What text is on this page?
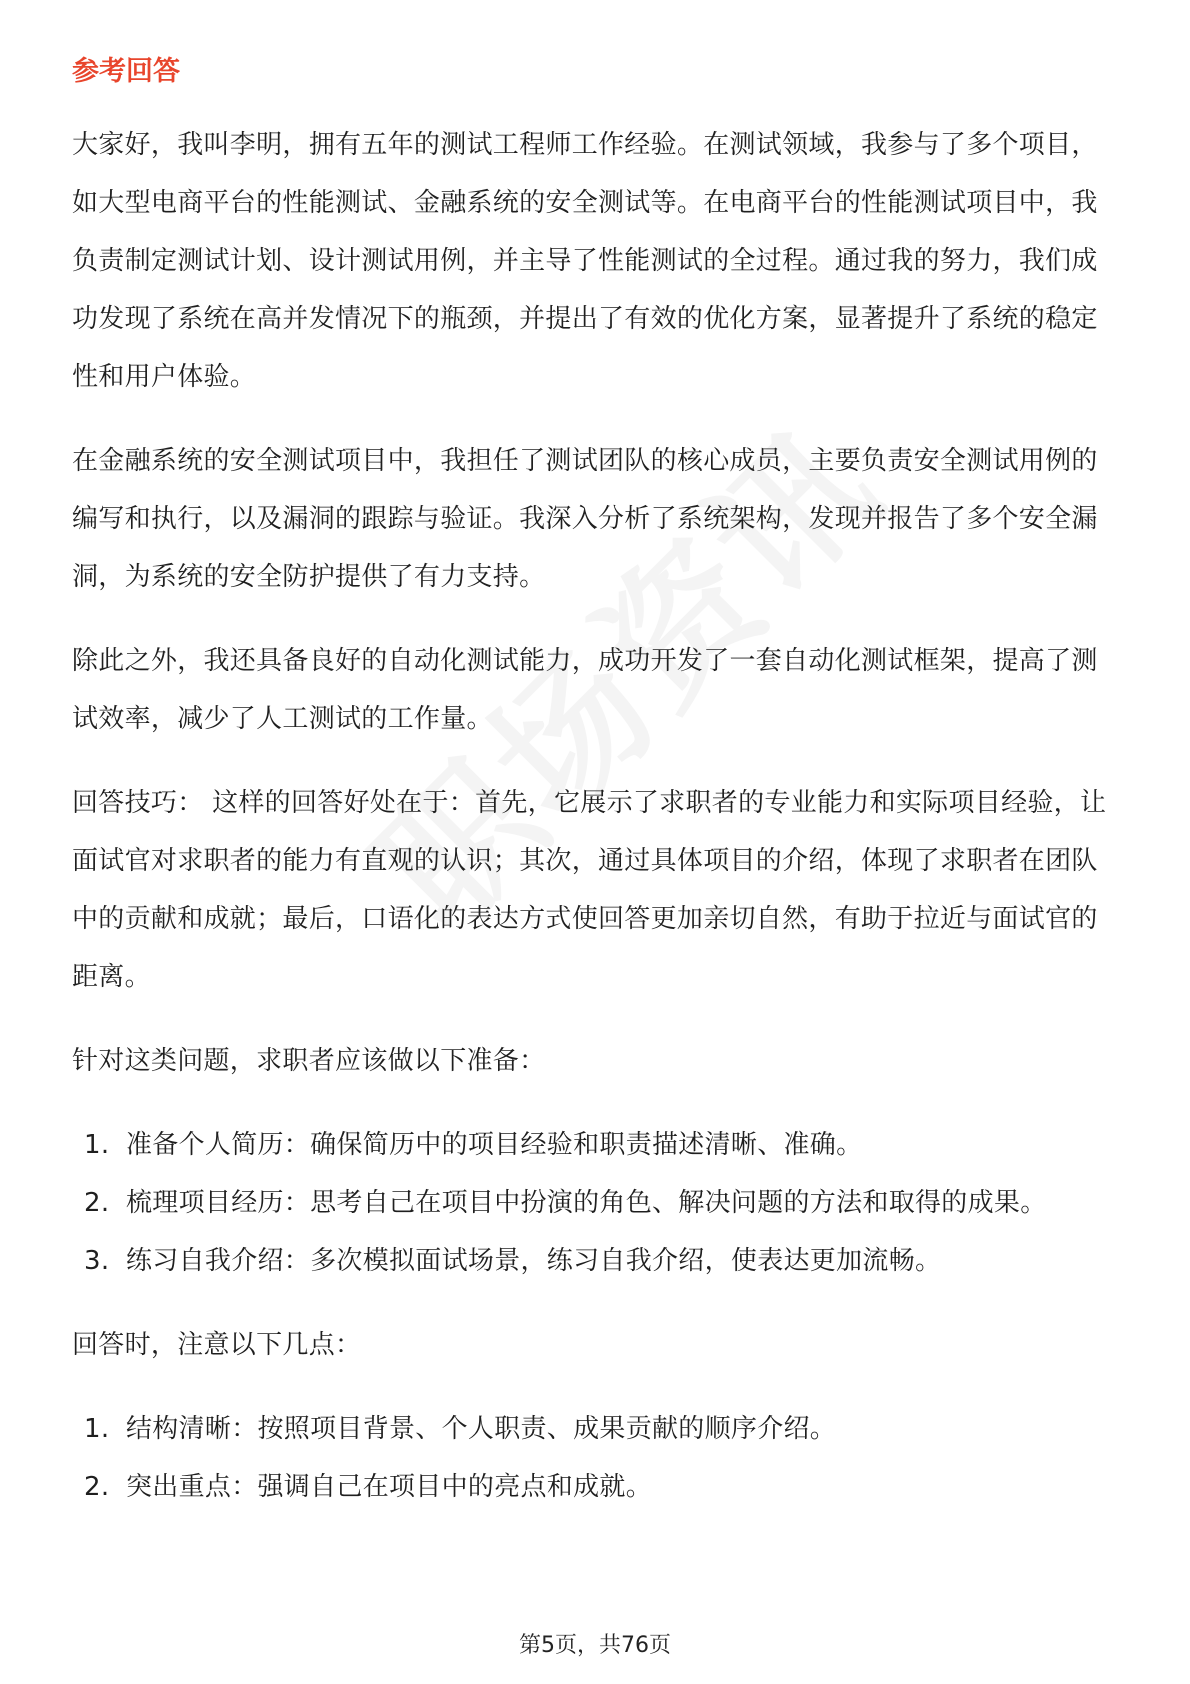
参考回答

大家好，我叫李明，拥有五年的测试工程师工作经验。在测试领域，我参与了多个项目，如大型电商平台的性能测试、金融系统的安全测试等。在电商平台的性能测试项目中，我负责制定测试计划、设计测试用例，并主导了性能测试的全过程。通过我的努力，我们成功发现了系统在高并发情况下的瓶颈，并提出了有效的优化方案，显著提升了系统的稳定性和用户体验。

在金融系统的安全测试项目中，我担任了测试团队的核心成员，主要负责安全测试用例的编写和执行，以及漏洞的跟踪与验证。我深入分析了系统架构，发现并报告了多个安全漏洞，为系统的安全防护提供了有力支持。

除此之外，我还具备良好的自动化测试能力，成功开发了一套自动化测试框架，提高了测试效率，减少了人工测试的工作量。

回答技巧： 这样的回答好处在于：首先，它展示了求职者的专业能力和实际项目经验，让面试官对求职者的能力有直观的认识；其次，通过具体项目的介绍，体现了求职者在团队中的贡献和成就；最后，口语化的表达方式使回答更加亲切自然，有助于拉近与面试官的距离。

针对这类问题，求职者应该做以下准备：

1. 准备个人简历：确保简历中的项目经验和职责描述清晰、准确。
2. 梳理项目经历：思考自己在项目中扮演的角色、解决问题的方法和取得的成果。
3. 练习自我介绍：多次模拟面试场景，练习自我介绍，使表达更加流畅。

回答时，注意以下几点：

1. 结构清晰：按照项目背景、个人职责、成果贡献的顺序介绍。
2. 突出重点：强调自己在项目中的亮点和成就。
第5页，共76页
